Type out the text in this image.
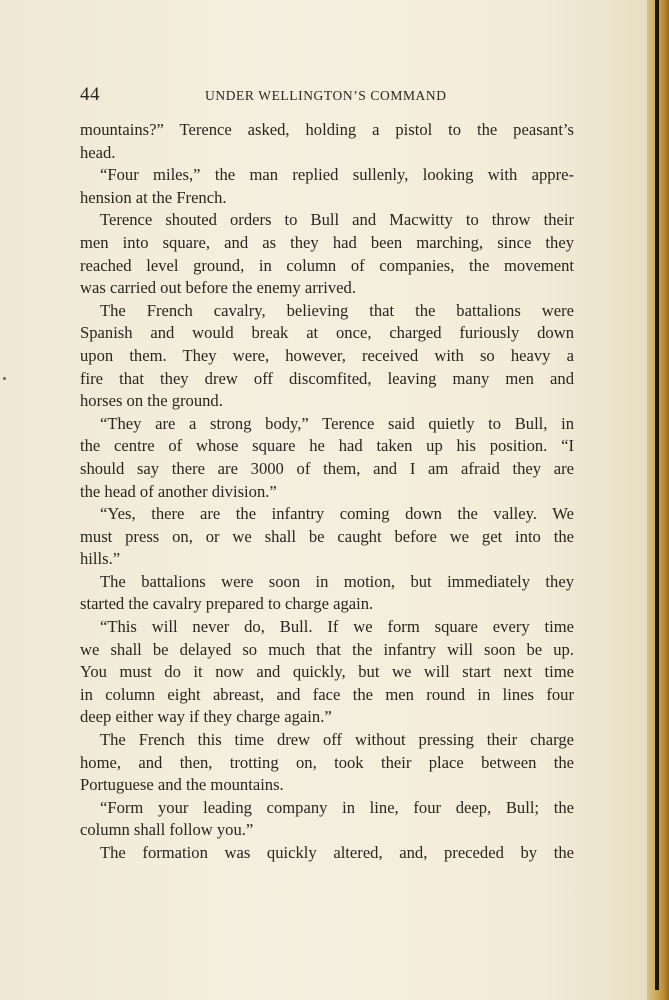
44	UNDER WELLINGTON’S COMMAND
mountains?” Terence asked, holding a pistol to the peasant’s
head.
“Four miles,” the man replied sullenly, looking with appre-
hension at the French.
Terence shouted orders to Bull and Macwitty to throw their
men into square, and as they had been marching, since they
reached level ground, in column of companies, the movement
was carried out before the enemy arrived.
The French cavalry, believing that the battalions were
Spanish and would break at once, charged furiously down
upon them. They were, however, received with so heavy a
fire that they drew off discomfited, leaving many men and
horses on the ground.
“They are a strong body,” Terence said quietly to Bull, in
the centre of whose square he had taken up his position. “I
should say there are 3000 of them, and I am afraid they are
the head of another division.”
“Yes, there are the infantry coming down the valley. We
must press on, or we shall be caught before we get into the
hills.”
The battalions were soon in motion, but immediately they
started the cavalry prepared to charge again.
“This will never do, Bull. If we form square every time
we shall be delayed so much that the infantry will soon be up.
You must do it now and quickly, but we will start next time
in column eight abreast, and face the men round in lines four
deep either way if they charge again.”
The French this time drew off without pressing their charge
home, and then, trotting on, took their place between the
Portuguese and the mountains.
“Form your leading company in line, four deep, Bull; the
column shall follow you.”
The formation was quickly altered, and, preceded by the
